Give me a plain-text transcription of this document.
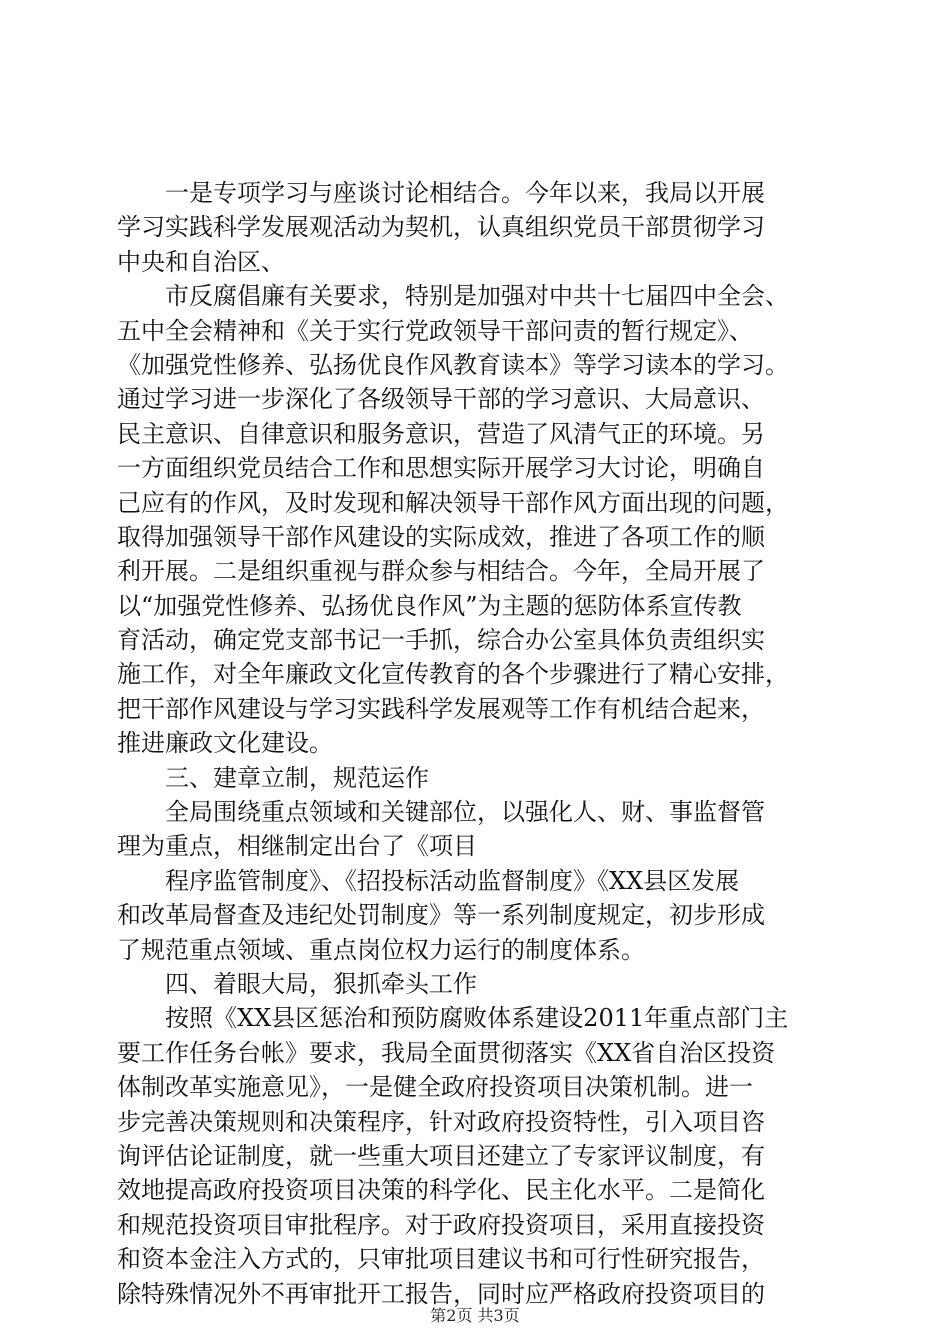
一是专项学习与座谈讨论相结合。今年以来，我局以开展
学习实践科学发展观活动为契机，认真组织党员干部贯彻学习
中央和自治区、
市反腐倡廉有关要求，特别是加强对中共十七届四中全会、
五中全会精神和《关于实行党政领导干部问责的暂行规定》、
《加强党性修养、弘扬优良作风教育读本》等学习读本的学习。
通过学习进一步深化了各级领导干部的学习意识、大局意识、
民主意识、自律意识和服务意识，营造了风清气正的环境。另
一方面组织党员结合工作和思想实际开展学习大讨论，明确自
己应有的作风，及时发现和解决领导干部作风方面出现的问题，
取得加强领导干部作风建设的实际成效，推进了各项工作的顺
利开展。二是组织重视与群众参与相结合。今年，全局开展了
以“加强党性修养、弘扬优良作风”为主题的惩防体系宣传教
育活动，确定党支部书记一手抓，综合办公室具体负责组织实
施工作，对全年廉政文化宣传教育的各个步骤进行了精心安排，
把干部作风建设与学习实践科学发展观等工作有机结合起来，
推进廉政文化建设。
三、建章立制，规范运作
全局围绕重点领域和关键部位，以强化人、财、事监督管
理为重点，相继制定出台了《项目
程序监管制度》、《招投标活动监督制度》《XX县区发展
和改革局督查及违纪处罚制度》等一系列制度规定，初步形成
了规范重点领域、重点岗位权力运行的制度体系。
四、着眼大局，狠抓牵头工作
按照《XX县区惩治和预防腐败体系建设2011年重点部门主
要工作任务台帐》要求，我局全面贯彻落实《XX省自治区投资
体制改革实施意见》，一是健全政府投资项目决策机制。进一
步完善决策规则和决策程序，针对政府投资特性，引入项目咨
询评估论证制度，就一些重大项目还建立了专家评议制度，有
效地提高政府投资项目决策的科学化、民主化水平。二是简化
和规范投资项目审批程序。对于政府投资项目，采用直接投资
和资本金注入方式的，只审批项目建议书和可行性研究报告，
除特殊情况外不再审批开工报告，同时应严格政府投资项目的
第2页 共3页
